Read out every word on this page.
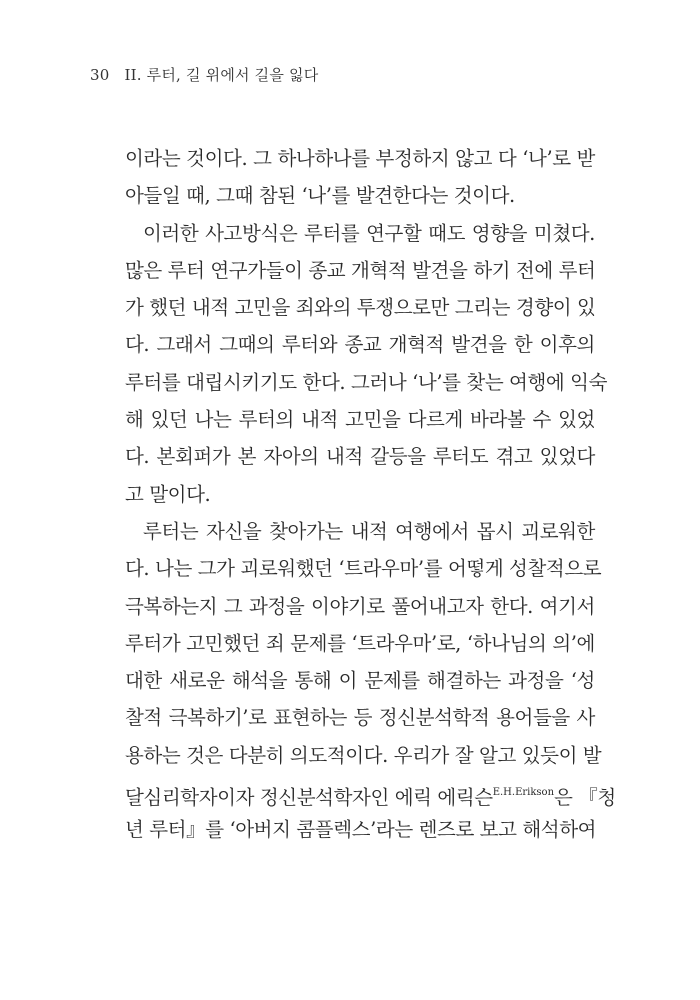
30 II. 루터, 길 위에서 길을 잃다
이라는 것이다. 그 하나하나를 부정하지 않고 다 ‘나’로 받
아들일 때, 그때 참된 ‘나’를 발견한다는 것이다.
이러한 사고방식은 루터를 연구할 때도 영향을 미쳤다.
많은 루터 연구가들이 종교 개혁적 발견을 하기 전에 루터
가 했던 내적 고민을 죄와의 투쟁으로만 그리는 경향이 있
다. 그래서 그때의 루터와 종교 개혁적 발견을 한 이후의
루터를 대립시키기도 한다. 그러나 ‘나’를 찾는 여행에 익숙
해 있던 나는 루터의 내적 고민을 다르게 바라볼 수 있었
다. 본회퍼가 본 자아의 내적 갈등을 루터도 겪고 있었다
고 말이다.
루터는 자신을 찾아가는 내적 여행에서 몹시 괴로워한
다. 나는 그가 괴로워했던 ‘트라우마’를 어떻게 성찰적으로
극복하는지 그 과정을 이야기로 풀어내고자 한다. 여기서
루터가 고민했던 죄 문제를 ‘트라우마’로, ‘하나님의 의’에
대한 새로운 해석을 통해 이 문제를 해결하는 과정을 ‘성
찰적 극복하기’로 표현하는 등 정신분석학적 용어들을 사
용하는 것은 다분히 의도적이다. 우리가 잘 알고 있듯이 발
달심리학자이자 정신분석학자인 에릭 에릭슨$^{E.H.Erikson}$은 『청
년 루터』를 ‘아버지 콤플렉스’라는 렌즈로 보고 해석하여
